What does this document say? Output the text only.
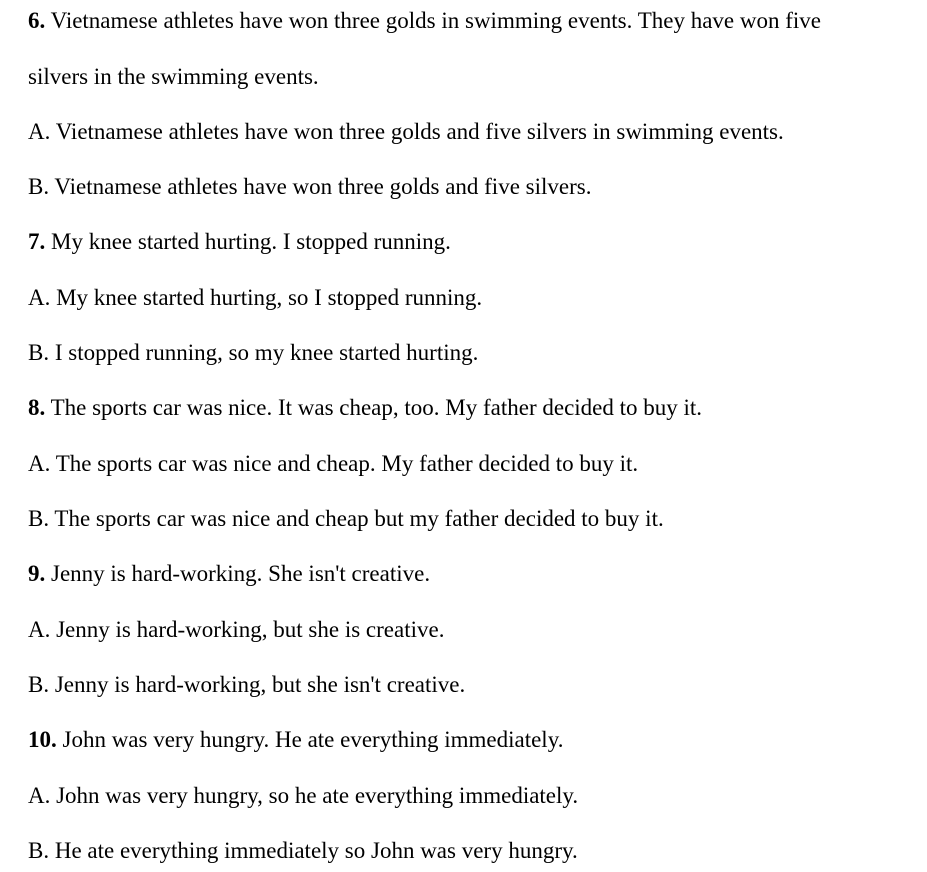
6. Vietnamese athletes have won three golds in swimming events. They have won five
silvers in the swimming events.
A. Vietnamese athletes have won three golds and five silvers in swimming events.
B. Vietnamese athletes have won three golds and five silvers.
7. My knee started hurting. I stopped running.
A. My knee started hurting, so I stopped running.
B. I stopped running, so my knee started hurting.
8. The sports car was nice. It was cheap, too. My father decided to buy it.
A. The sports car was nice and cheap. My father decided to buy it.
B. The sports car was nice and cheap but my father decided to buy it.
9. Jenny is hard-working. She isn't creative.
A. Jenny is hard-working, but she is creative.
B. Jenny is hard-working, but she isn't creative.
10. John was very hungry. He ate everything immediately.
A. John was very hungry, so he ate everything immediately.
B. He ate everything immediately so John was very hungry.
